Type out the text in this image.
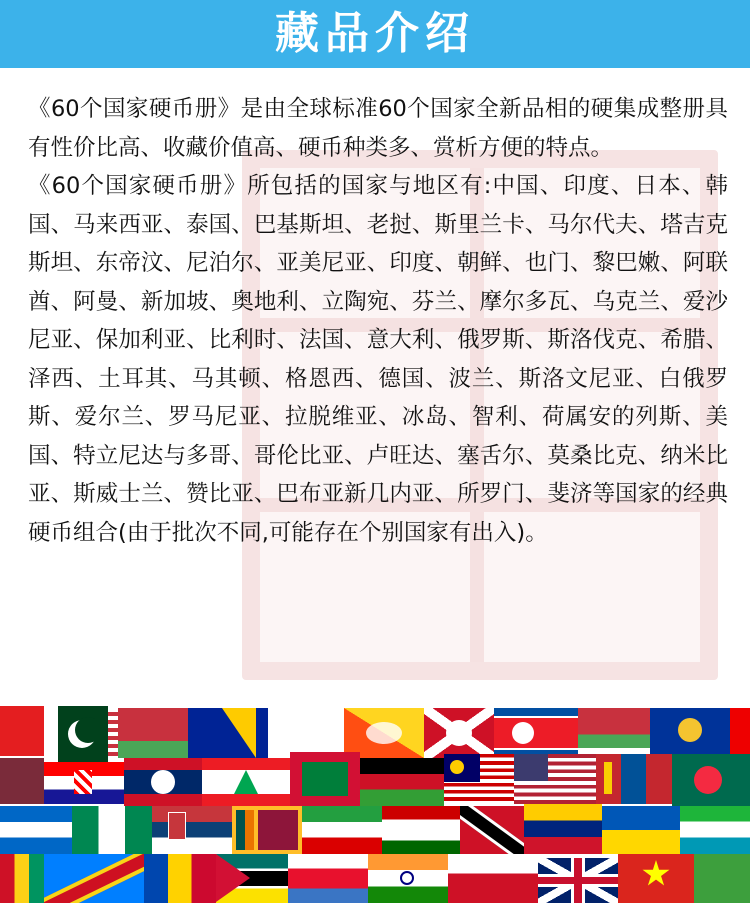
藏品介绍

《60个国家硬币册》是由全球标准60个国家全新品相的硬集成整册具有性价比高、收藏价值高、硬币种类多、赏析方便的特点。

《60个国家硬币册》所包括的国家与地区有:中国、印度、日本、韩国、马来西亚、泰国、巴基斯坦、老挝、斯里兰卡、马尔代夫、塔吉克斯坦、东帝汶、尼泊尔、亚美尼亚、印度、朝鲜、也门、黎巴嫩、阿联酋、阿曼、新加坡、奥地利、立陶宛、芬兰、摩尔多瓦、乌克兰、爱沙尼亚、保加利亚、比利时、法国、意大利、俄罗斯、斯洛伐克、希腊、泽西、土耳其、马其顿、格恩西、德国、波兰、斯洛文尼亚、白俄罗斯、爱尔兰、罗马尼亚、拉脱维亚、冰岛、智利、荷属安的列斯、美国、特立尼达与多哥、哥伦比亚、卢旺达、塞舌尔、莫桑比克、纳米比亚、斯威士兰、赞比亚、巴布亚新几内亚、所罗门、斐济等国家的经典硬币组合(由于批次不同,可能存在个别国家有出入)。
